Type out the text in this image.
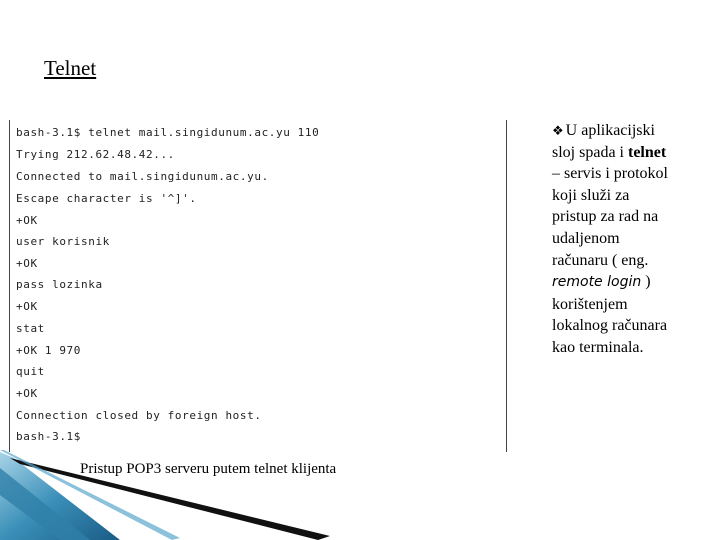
Telnet
bash-3.1$ telnet mail.singidunum.ac.yu 110
Trying 212.62.48.42...
Connected to mail.singidunum.ac.yu.
Escape character is '^]'.
+OK
user korisnik
+OK
pass lozinka
+OK
stat
+OK 1 970
quit
+OK
Connection closed by foreign host.
bash-3.1$
❖ U aplikacijski
sloj spada i telnet
– servis i protokol
koji služi za
pristup za rad na
udaljenom
računaru ( eng.
remote login )
korištenjem
lokalnog računara
kao terminala.
Pristup POP3 serveru putem telnet klijenta
